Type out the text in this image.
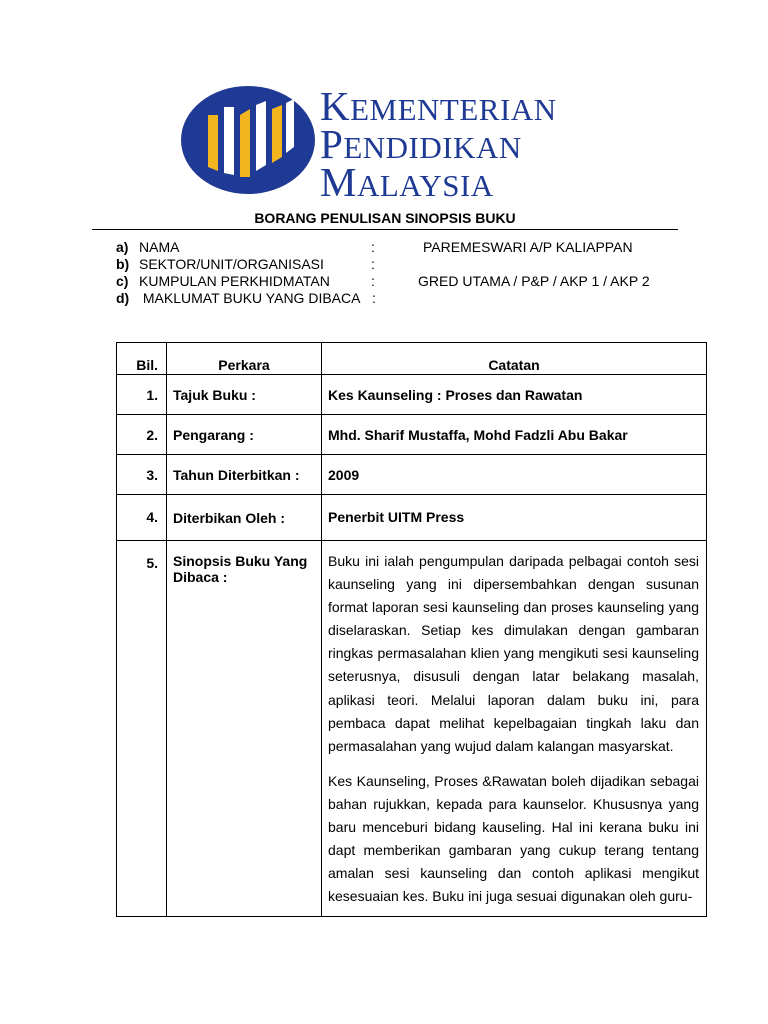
KEMENTERIAN
PENDIDIKAN
MALAYSIA
BORANG PENULISAN SINOPSIS BUKU
a) NAMA	:	PAREMESWARI A/P KALIAPPAN
b) SEKTOR/UNIT/ORGANISASI	:
c) KUMPULAN PERKHIDMATAN	:	GRED UTAMA / P&P / AKP 1 / AKP 2
d) MAKLUMAT BUKU YANG DIBACA :
Bil.	Perkara	Catatan

1.	Tajuk Buku :	Kes Kaunseling : Proses dan Rawatan

2.	Pengarang :	Mhd. Sharif Mustaffa, Mohd Fadzli Abu Bakar

3.	Tahun Diterbitkan :	2009

4.	Diterbikan Oleh :	Penerbit UITM Press

5.	Sinopsis Buku Yang Dibaca :	Buku ini ialah pengumpulan daripada pelbagai contoh sesi kaunseling yang ini dipersembahkan dengan susunan format laporan sesi kaunseling dan proses kaunseling yang diselaraskan. Setiap kes dimulakan dengan gambaran ringkas permasalahan klien yang mengikuti sesi kaunseling seterusnya, disusuli dengan latar belakang masalah, aplikasi teori. Melalui laporan dalam buku ini, para pembaca dapat melihat kepelbagaian tingkah laku dan permasalahan yang wujud dalam kalangan masyarskat.

Kes Kaunseling, Proses &Rawatan boleh dijadikan sebagai bahan rujukkan, kepada para kaunselor. Khususnya yang baru menceburi bidang kauseling. Hal ini kerana buku ini dapt memberikan gambaran yang cukup terang tentang amalan sesi kaunseling dan contoh aplikasi mengikut kesesuaian kes. Buku ini juga sesuai digunakan oleh guru-
